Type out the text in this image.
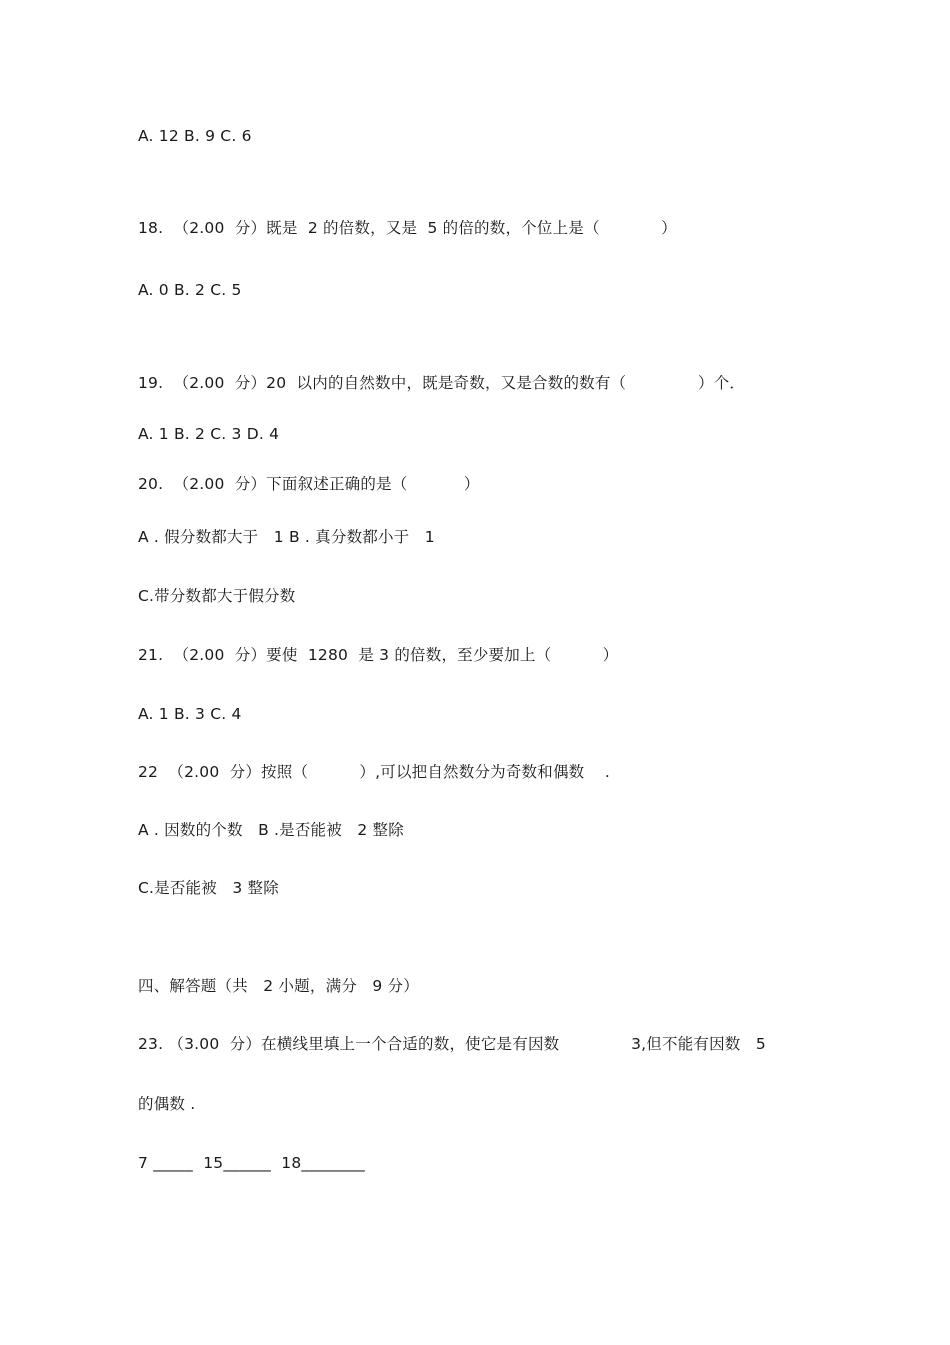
A. 12 B. 9 C. 6
18.  （2.00  分）既是  2 的倍数，又是  5 的倍的数，个位上是（            ）
A. 0 B. 2 C. 5
19.  （2.00  分）20  以内的自然数中，既是奇数，又是合数的数有（              ）个．
A. 1 B. 2 C. 3 D. 4
20.  （2.00  分）下面叙述正确的是（           ）
A . 假分数都大于   1 B . 真分数都小于   1
C.带分数都大于假分数
21.  （2.00  分）要使  1280  是 3 的倍数，至少要加上（          ）
A. 1 B. 3 C. 4
22  （2.00  分）按照（          ）,可以把自然数分为奇数和偶数    .
A . 因数的个数   B .是否能被   2 整除
C.是否能被   3 整除
四、解答题（共   2 小题，满分   9 分）
23. （3.00  分）在横线里填上一个合适的数，使它是有因数              3,但不能有因数   5
的偶数 .
7 _____  15______  18________
